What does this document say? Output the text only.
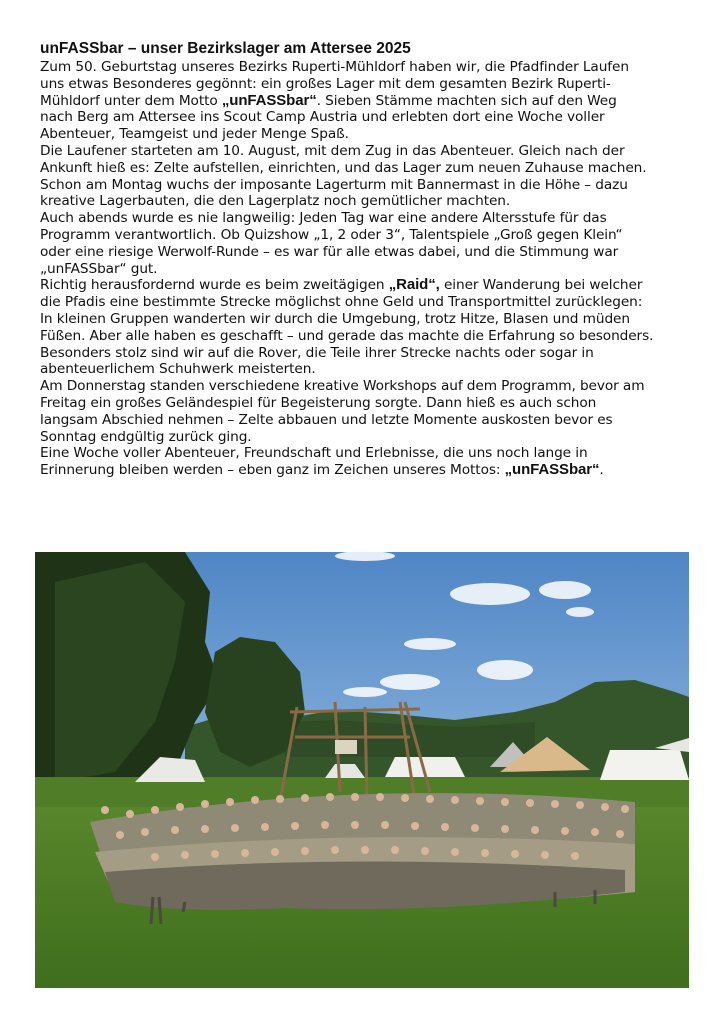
unFASSbar – unser Bezirkslager am Attersee 2025
Zum 50. Geburtstag unseres Bezirks Ruperti-Mühldorf haben wir, die Pfadfinder Laufen
uns etwas Besonderes gegönnt: ein großes Lager mit dem gesamten Bezirk Ruperti-
Mühldorf unter dem Motto „unFASSbar“. Sieben Stämme machten sich auf den Weg
nach Berg am Attersee ins Scout Camp Austria und erlebten dort eine Woche voller
Abenteuer, Teamgeist und jeder Menge Spaß.
Die Laufener starteten am 10. August, mit dem Zug in das Abenteuer. Gleich nach der
Ankunft hieß es: Zelte aufstellen, einrichten, und das Lager zum neuen Zuhause machen.
Schon am Montag wuchs der imposante Lagerturm mit Bannermast in die Höhe – dazu
kreative Lagerbauten, die den Lagerplatz noch gemütlicher machten.
Auch abends wurde es nie langweilig: Jeden Tag war eine andere Altersstufe für das
Programm verantwortlich. Ob Quizshow „1, 2 oder 3“, Talentspiele „Groß gegen Klein“
oder eine riesige Werwolf-Runde – es war für alle etwas dabei, und die Stimmung war
„unFASSbar“ gut.
Richtig herausfordernd wurde es beim zweitägigen „Raid“, einer Wanderung bei welcher
die Pfadis eine bestimmte Strecke möglichst ohne Geld und Transportmittel zurücklegen:
In kleinen Gruppen wanderten wir durch die Umgebung, trotz Hitze, Blasen und müden
Füßen. Aber alle haben es geschafft – und gerade das machte die Erfahrung so besonders.
Besonders stolz sind wir auf die Rover, die Teile ihrer Strecke nachts oder sogar in
abenteuerlichem Schuhwerk meisterten.
Am Donnerstag standen verschiedene kreative Workshops auf dem Programm, bevor am
Freitag ein großes Geländespiel für Begeisterung sorgte. Dann hieß es auch schon
langsam Abschied nehmen – Zelte abbauen und letzte Momente auskosten bevor es
Sonntag endgültig zurück ging.
Eine Woche voller Abenteuer, Freundschaft und Erlebnisse, die uns noch lange in
Erinnerung bleiben werden – eben ganz im Zeichen unseres Mottos: „unFASSbar“.
